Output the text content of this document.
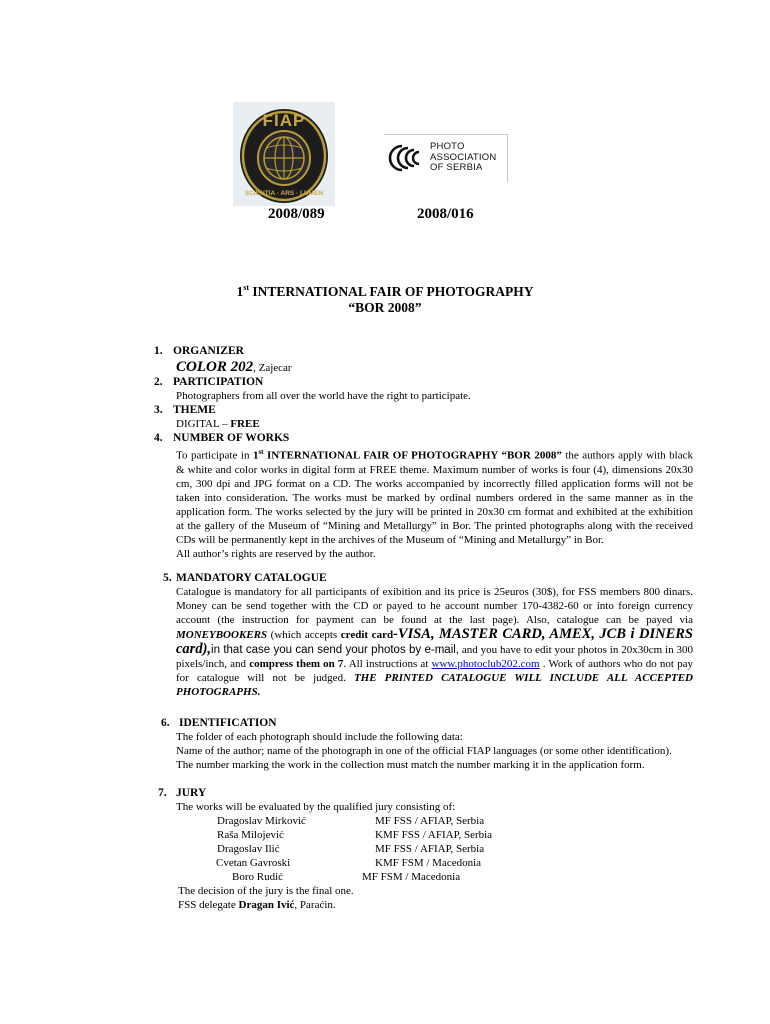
FIAP
SCIENTIA · ARS · LUMEN
PHOTO
ASSOCIATION
OF SERBIA
2008/089	2008/016
1st INTERNATIONAL FAIR OF PHOTOGRAPHY
“BOR 2008”
1. ORGANIZER
COLOR 202, Zajecar
2. PARTICIPATION
Photographers from all over the world have the right to participate.
3. THEME
DIGITAL – FREE
4. NUMBER OF WORKS

To participate in 1st INTERNATIONAL FAIR OF PHOTOGRAPHY “BOR 2008” the authors apply with black & white and color works in digital form at FREE theme. Maximum number of works is four (4), dimensions 20x30 cm, 300 dpi and JPG format on a CD. The works accompanied by incorrectly filled application forms will not be taken into consideration. The works must be marked by ordinal numbers ordered in the same manner as in the application form. The works selected by the jury will be printed in 20x30 cm format and exhibited at the exhibition at the gallery of the Museum of “Mining and Metallurgy” in Bor. The printed photographs along with the received CDs will be permanently kept in the archives of the Museum of “Mining and Metallurgy” in Bor.

All author’s rights are reserved by the author.

5. MANDATORY CATALOGUE

Catalogue is mandatory for all participants of exibition and its price is 25euros (30$), for FSS members 800 dinars. Money can be send together with the CD or payed to he account number 170-4382-60 or into foreign currency account (the instruction for payment can be found at the last page). Also, catalogue can be payed via MONEYBOOKERS (which accepts credit card-VISA, MASTER CARD, AMEX, JCB i DINERS card),in that case you can send your photos by e-mail, and you have to edit your photos in 20x30cm in 300 pixels/inch, and compress them on 7. All instructions at www.photoclub202.com . Work of authors who do not pay for catalogue will not be judged. THE PRINTED CATALOGUE WILL INCLUDE ALL ACCEPTED PHOTOGRAPHS.

6. IDENTIFICATION

The folder of each photograph should include the following data:

Name of the author; name of the photograph in one of the official FIAP languages (or some other identification).

The number marking the work in the collection must match the number marking it in the application form.

7. JURY
The works will be evaluated by the qualified jury consisting of:
Dragoslav Mirković	MF FSS / AFIAP, Serbia
Raša Milojević	KMF FSS / AFIAP, Serbia
Dragoslav Ilić	MF FSS / AFIAP, Serbia
Cvetan Gavroski	KMF FSM / Macedonia
Boro Rudić	MF FSM / Macedonia
The decision of the jury is the final one.
FSS delegate Dragan Ivić, Paraćin.
